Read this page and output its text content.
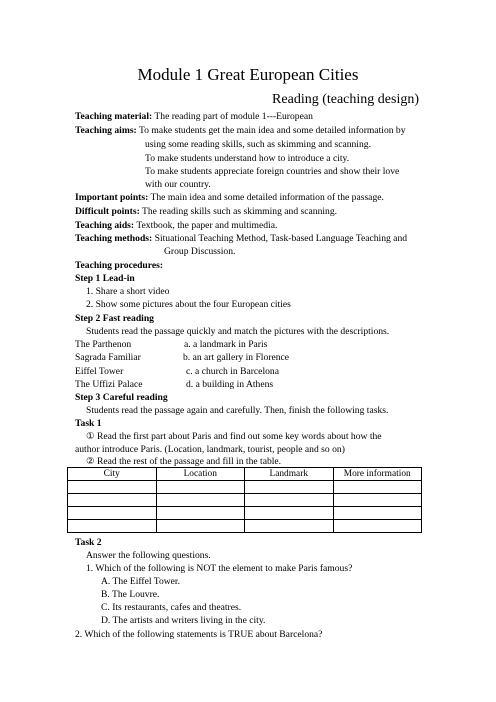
Module 1 Great European Cities
Reading (teaching design)
Teaching material: The reading part of module 1---European
Teaching aims: To make students get the main idea and some detailed information by
using some reading skills, such as skimming and scanning.
To make students understand how to introduce a city.
To make students appreciate foreign countries and show their love
with our country.
Important points: The main idea and some detailed information of the passage.
Difficult points: The reading skills such as skimming and scanning.
Teaching aids: Textbook, the paper and multimedia.
Teaching methods: Situational Teaching Method, Task-based Language Teaching and
Group Discussion.
Teaching procedures:
Step 1 Lead-in
1. Share a short video
2. Show some pictures about the four European cities
Step 2 Fast reading
Students read the passage quickly and match the pictures with the descriptions.
The Parthenon	a. a landmark in Paris
Sagrada Familiar	b. an art gallery in Florence
Eiffel Tower	c. a church in Barcelona
The Uffizi Palace	d. a building in Athens
Step 3 Careful reading
Students read the passage again and carefully. Then, finish the following tasks.
Task 1
① Read the first part about Paris and find out some key words about how the
author introduce Paris. (Location, landmark, tourist, people and so on)
② Read the rest of the passage and fill in the table.
City	Location	Landmark	More information

Task 2
Answer the following questions.
1. Which of the following is NOT the element to make Paris famous?
A. The Eiffel Tower.
B. The Louvre.
C. Its restaurants, cafes and theatres.
D. The artists and writers living in the city.
2. Which of the following statements is TRUE about Barcelona?
